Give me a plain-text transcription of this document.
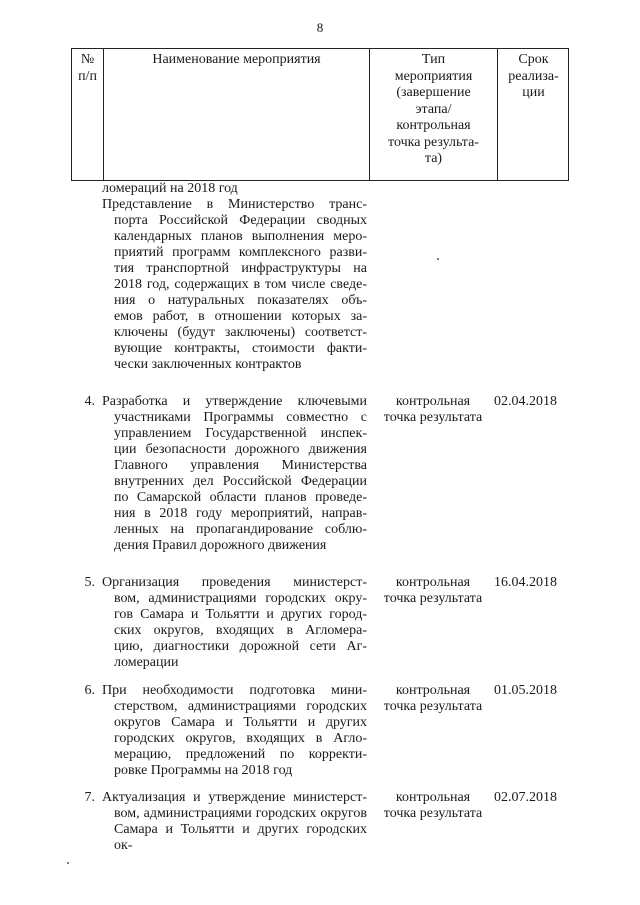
8
№
п/п
Наименование мероприятия	Тип
мероприятия
(завершение
этапа/
контрольная
точка результа-
та)
Срок
реализа-
ции
ломераций на 2018 год
Представление в Министерство транс-
порта Российской Федерации сводных
календарных планов выполнения меро-
приятий программ комплексного разви-
тия транспортной инфраструктуры на
2018 год, содержащих в том числе сведе-
ния о натуральных показателях объ-
емов работ, в отношении которых за-
ключены (будут заключены) соответст-
вующие контракты, стоимости факти-
чески заключенных контрактов
4. Разработка и утверждение ключевыми
участниками Программы совместно с
управлением Государственной инспек-
ции безопасности дорожного движения
Главного управления Министерства
внутренних дел Российской Федерации
по Самарской области планов проведе-
ния в 2018 году мероприятий, направ-
ленных на пропагандирование соблю-
дения Правил дорожного движения
контрольная
точка результата
02.04.2018
5. Организация проведения министерст-
вом, администрациями городских окру-
гов Самара и Тольятти и других город-
ских округов, входящих в Агломера-
цию, диагностики дорожной сети Аг-
ломерации
контрольная
точка результата
16.04.2018
6. При необходимости подготовка мини-
стерством, администрациями городских
округов Самара и Тольятти и других
городских округов, входящих в Агло-
мерацию, предложений по корректи-
ровке Программы на 2018 год
контрольная
точка результата
01.05.2018
7. Актуализация и утверждение министерст-
вом, администрациями городских округов
Самара и Тольятти и других городских ок-
контрольная
точка результата
02.07.2018
